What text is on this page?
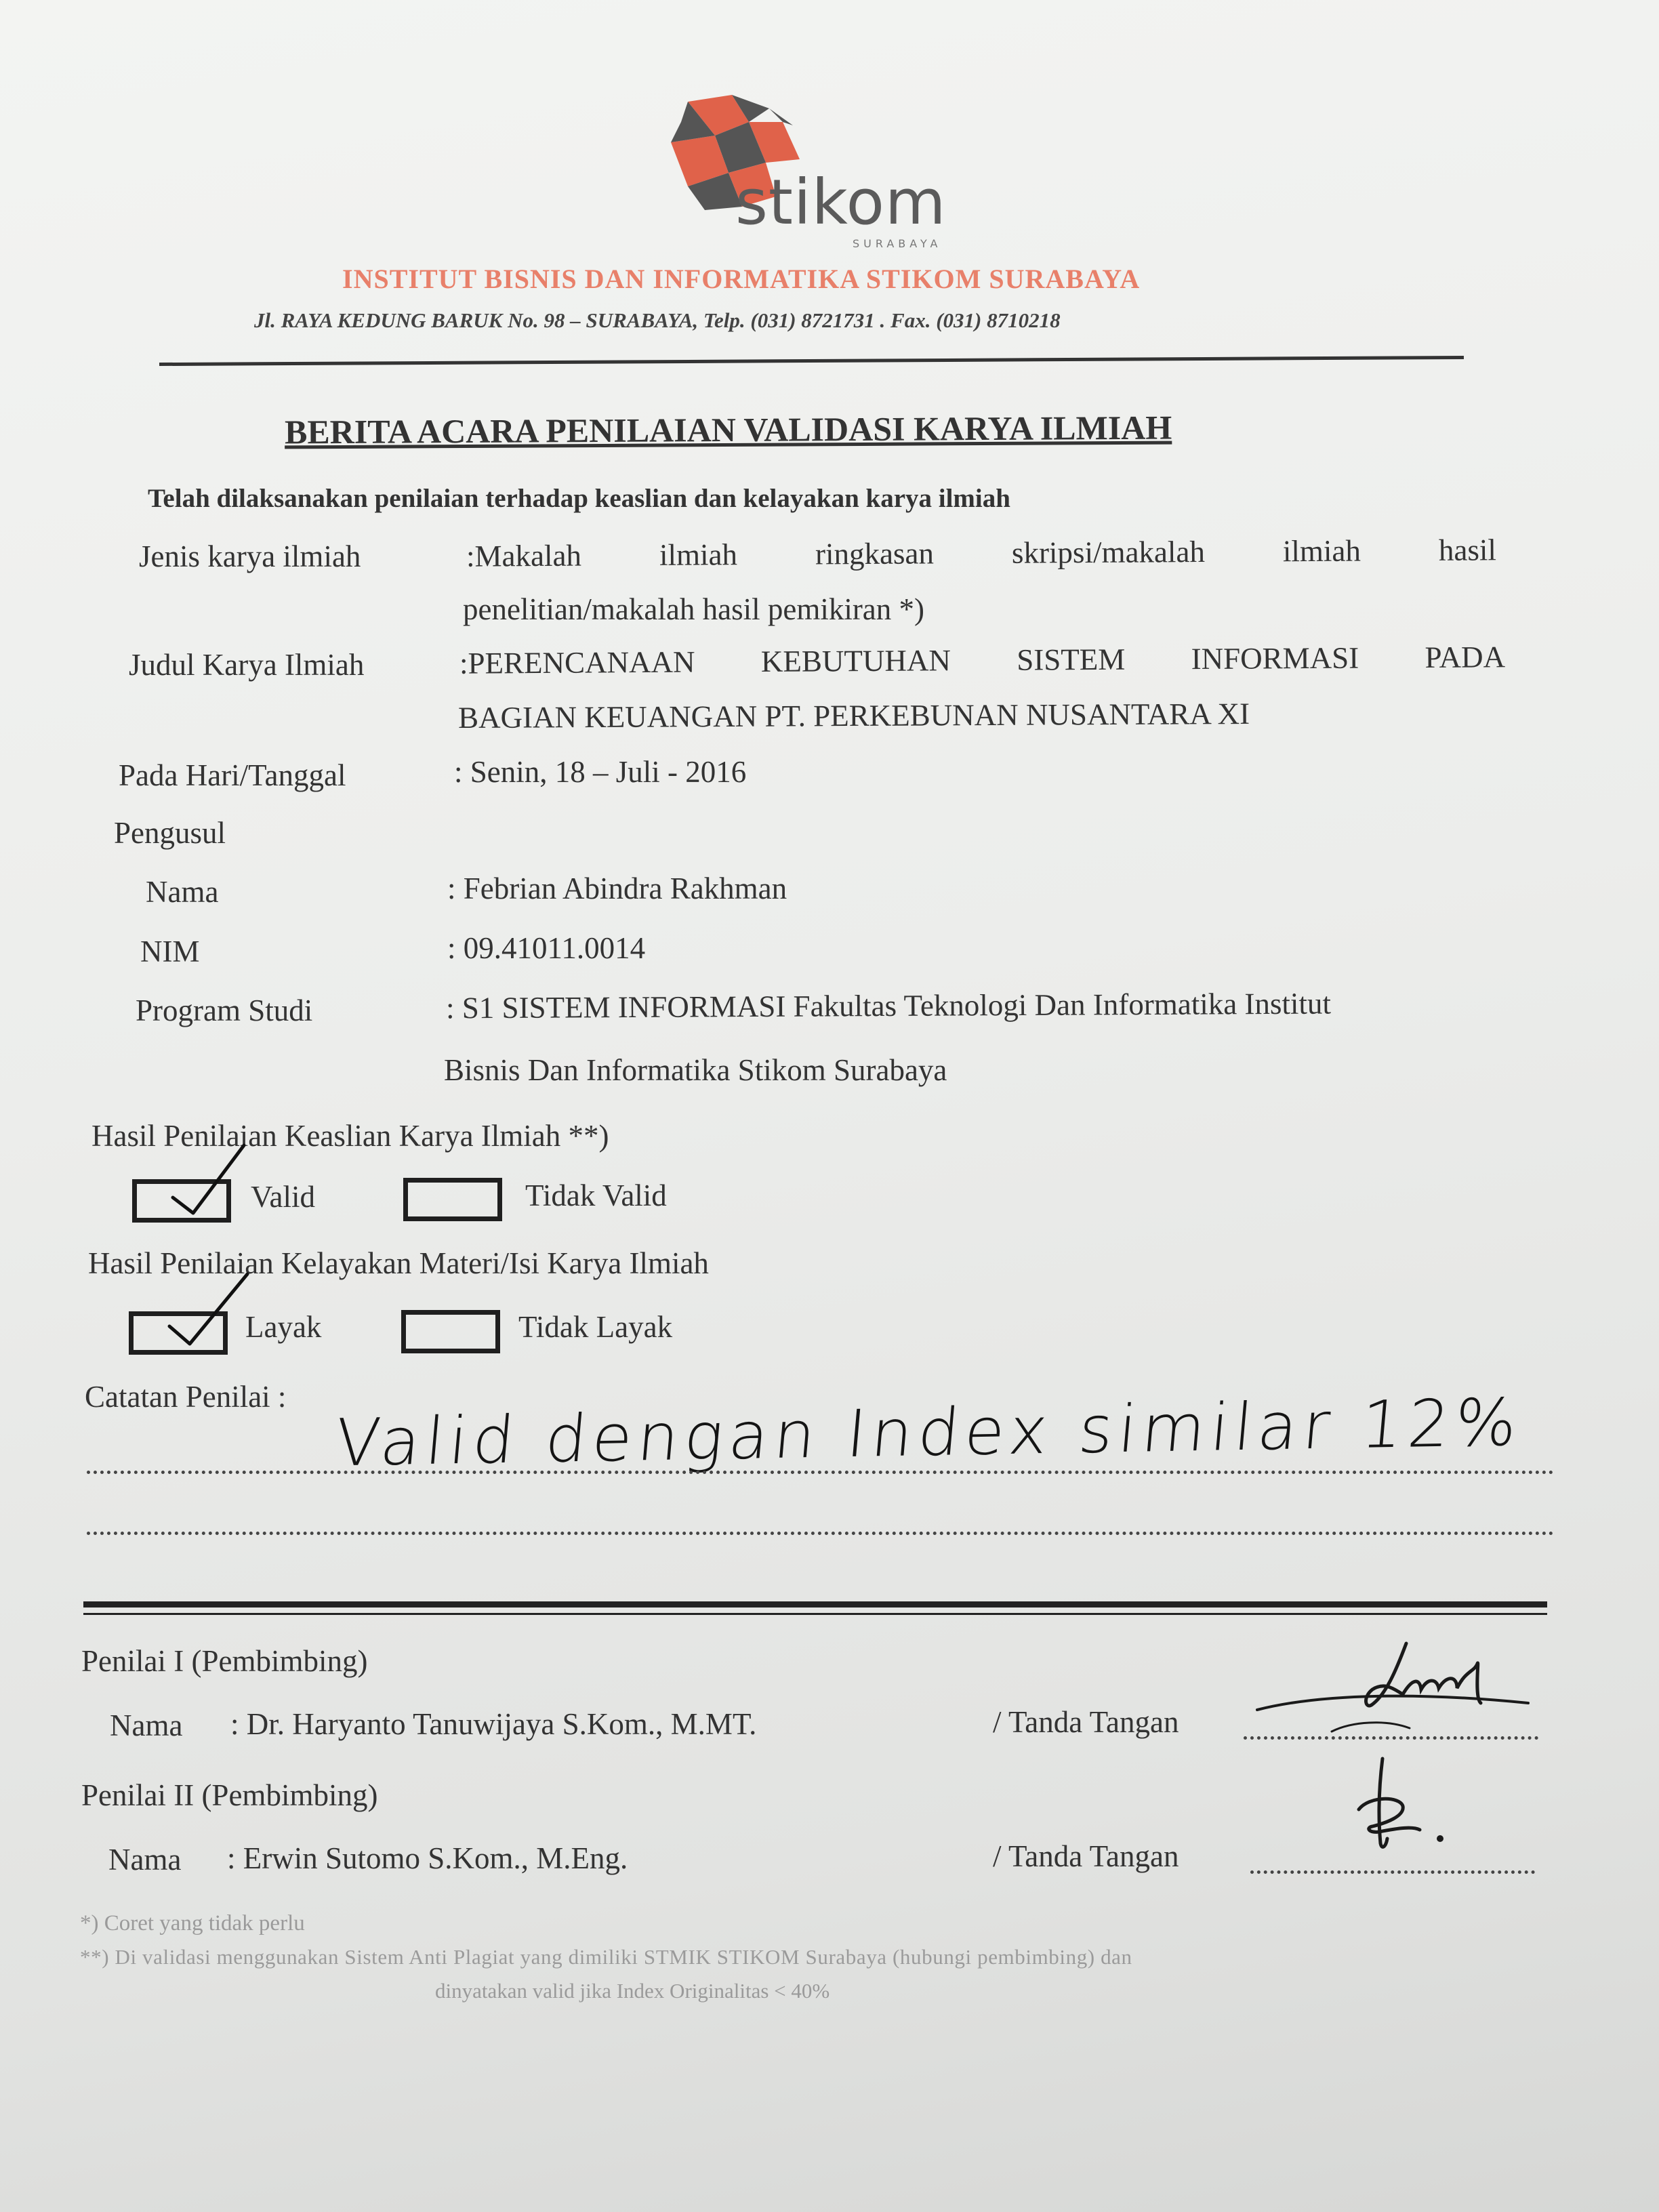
stikom
SURABAYA
INSTITUT BISNIS DAN INFORMATIKA STIKOM SURABAYA
Jl. RAYA KEDUNG BARUK No. 98 – SURABAYA, Telp. (031) 8721731 . Fax. (031) 8710218
BERITA ACARA PENILAIAN VALIDASI KARYA ILMIAH
Telah dilaksanakan penilaian terhadap keaslian dan kelayakan karya ilmiah
Jenis karya ilmiah	:Makalah	ilmiah	ringkasan	skripsi/makalah	ilmiah	hasil
penelitian/makalah hasil pemikiran *)
Judul Karya Ilmiah	:PERENCANAAN KEBUTUHAN SISTEM INFORMASI PADA
BAGIAN KEUANGAN PT. PERKEBUNAN NUSANTARA XI
Pada Hari/Tanggal	: Senin, 18 – Juli - 2016
Pengusul
Nama	: Febrian Abindra Rakhman
NIM	: 09.41011.0014
Program Studi	: S1 SISTEM INFORMASI Fakultas Teknologi Dan Informatika Institut
Bisnis Dan Informatika Stikom Surabaya
Hasil Penilaian Keaslian Karya Ilmiah **)
Valid	Tidak Valid
Hasil Penilaian Kelayakan Materi/Isi Karya Ilmiah
Layak	Tidak Layak
Catatan Penilai : Valid dengan Index similar 12%
Penilai I (Pembimbing)
Nama : Dr. Haryanto Tanuwijaya S.Kom., M.MT.	/ Tanda Tangan
Penilai II (Pembimbing)
Nama : Erwin Sutomo S.Kom., M.Eng.	/ Tanda Tangan
*) Coret yang tidak perlu
**) Di validasi menggunakan Sistem Anti Plagiat yang dimiliki STMIK STIKOM Surabaya (hubungi pembimbing) dan
dinyatakan valid jika Index Originalitas < 40%
